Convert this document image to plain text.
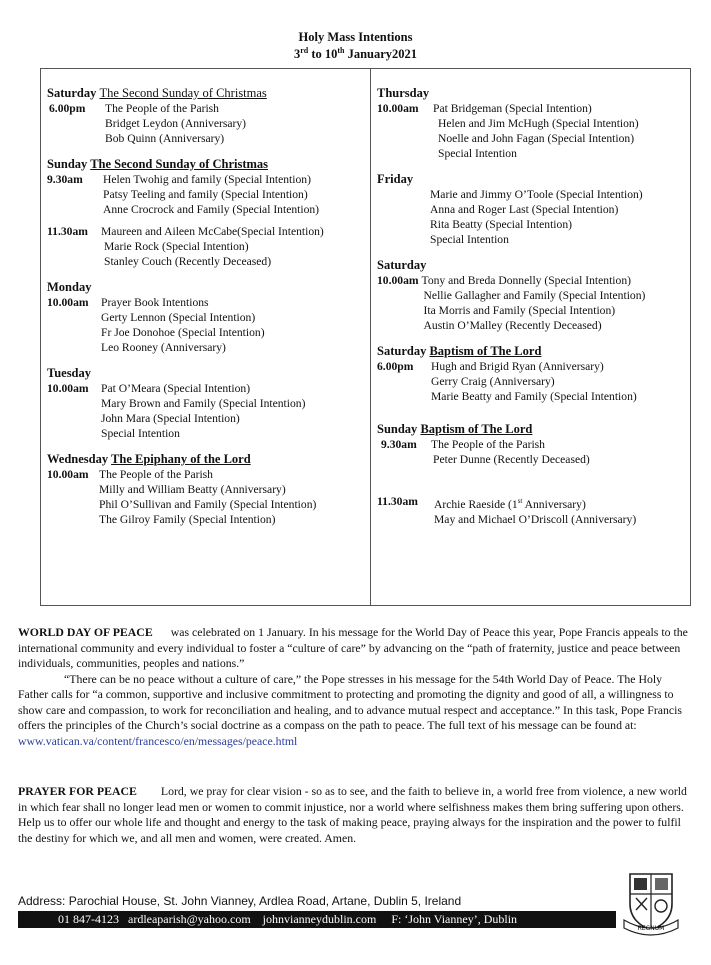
Holy Mass Intentions
3rd to 10th January2021
Saturday The Second Sunday of Christmas
6.00pm	The People of the Parish
Bridget Leydon (Anniversary)
Bob Quinn (Anniversary)
Sunday The Second Sunday of Christmas
9.30am	Helen Twohig and family (Special Intention)
Patsy Teeling and family (Special Intention)
Anne Crocrock and Family (Special Intention)
11.30am	Maureen and Aileen McCabe(Special Intention)
Marie Rock (Special Intention)
Stanley Couch (Recently Deceased)
Monday
10.00am	Prayer Book Intentions
Gerty Lennon (Special Intention)
Fr Joe Donohoe (Special Intention)
Leo Rooney (Anniversary)
Tuesday
10.00am	Pat O’Meara (Special Intention)
Mary Brown and Family (Special Intention)
John Mara (Special Intention)
Special Intention
Wednesday The Epiphany of the Lord
10.00am The People of the Parish
Milly and William Beatty (Anniversary)
Phil O’Sullivan and Family (Special Intention)
The Gilroy Family (Special Intention)
Thursday
10.00am	Pat Bridgeman (Special Intention)
Helen and Jim McHugh (Special Intention)
Noelle and John Fagan (Special Intention)
Special Intention
Friday
Marie and Jimmy O’Toole (Special Intention)
Anna and Roger Last (Special Intention)
Rita Beatty (Special Intention)
Special Intention
Saturday
10.00am Tony and Breda Donnelly (Special Intention)
Nellie Gallagher and Family (Special Intention)
Ita Morris and Family (Special Intention)
Austin O’Malley (Recently Deceased)
Saturday Baptism of The Lord
6.00pm	Hugh and Brigid Ryan (Anniversary)
Gerry Craig (Anniversary)
Marie Beatty and Family (Special Intention)
Sunday Baptism of The Lord
9.30am	The People of the Parish
Peter Dunne (Recently Deceased)
11.30am	Archie Raeside (1st Anniversary)
May and Michael O’Driscoll (Anniversary)
WORLD DAY OF PEACE was celebrated on 1 January. In his message for the World Day of Peace this year, Pope Francis appeals to the international community and every individual to foster a “culture of care” by advancing on the “path of fraternity, justice and peace between individuals, communities, peoples and nations.”
“There can be no peace without a culture of care,” the Pope stresses in his message for the 54th World Day of Peace. The Holy Father calls for “a common, supportive and inclusive commitment to protecting and promoting the dignity and good of all, a willingness to show care and compassion, to work for reconciliation and healing, and to advance mutual respect and acceptance.” In this task, Pope Francis offers the principles of the Church’s social doctrine as a compass on the path to peace. The full text of his message can be found at:
www.vatican.va/content/francesco/en/messages/peace.html
PRAYER FOR PEACE Lord, we pray for clear vision - so as to see, and the faith to believe in, a world free from violence, a new world in which fear shall no longer lead men or women to commit injustice, nor a world where selfishness makes them bring suffering upon others. Help us to offer our whole life and thought and energy to the task of making peace, praying always for the inspiration and the power to fulfil the destiny for which we, and all men and women, were created. Amen.
Address: Parochial House, St. John Vianney, Ardlea Road, Artane, Dublin 5, Ireland
01 847-4123   ardleaparish@yahoo.com    johnvianneydublin.com     F: ‘John Vianney’, Dublin
REGNUM
